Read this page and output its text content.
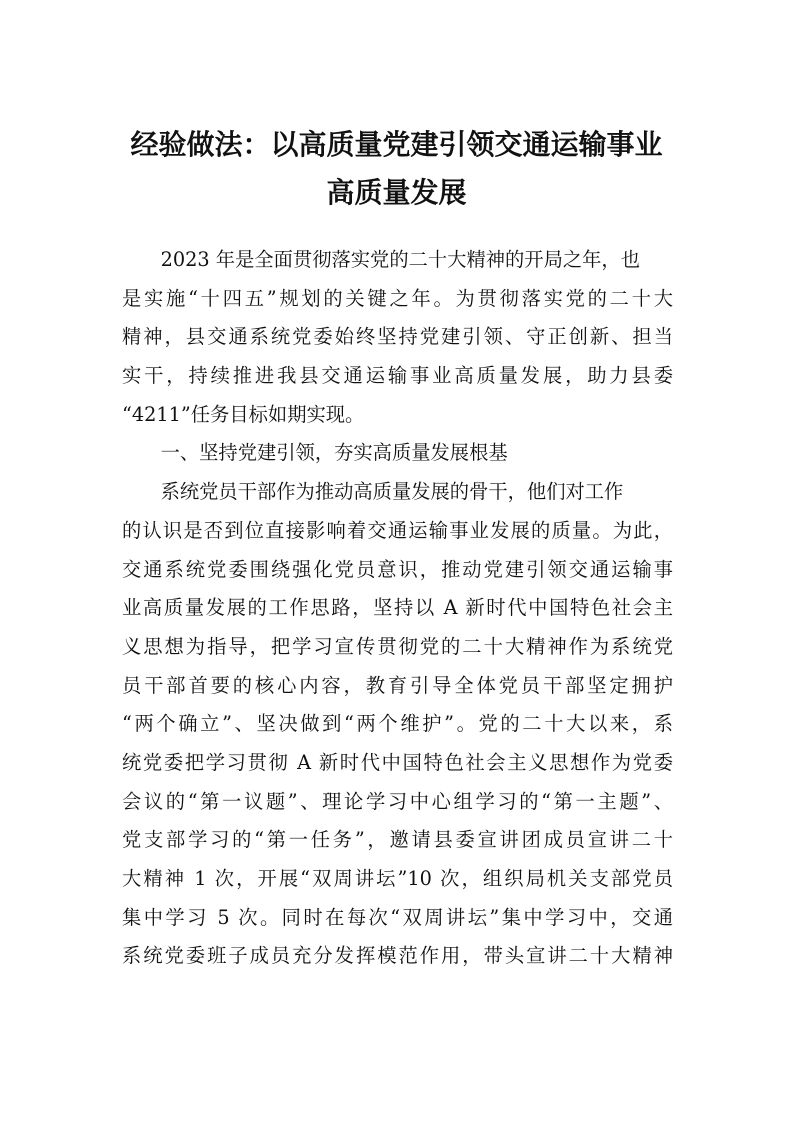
经验做法：以高质量党建引领交通运输事业
高质量发展
2023 年是全面贯彻落实党的二十大精神的开局之年，也
是实施“十四五”规划的关键之年。为贯彻落实党的二十大
精神，县交通系统党委始终坚持党建引领、守正创新、担当
实干，持续推进我县交通运输事业高质量发展，助力县委
“4211”任务目标如期实现。
一、坚持党建引领，夯实高质量发展根基
系统党员干部作为推动高质量发展的骨干，他们对工作
的认识是否到位直接影响着交通运输事业发展的质量。为此，
交通系统党委围绕强化党员意识，推动党建引领交通运输事
业高质量发展的工作思路，坚持以 A 新时代中国特色社会主
义思想为指导，把学习宣传贯彻党的二十大精神作为系统党
员干部首要的核心内容，教育引导全体党员干部坚定拥护
“两个确立”、坚决做到“两个维护”。党的二十大以来，系
统党委把学习贯彻 A 新时代中国特色社会主义思想作为党委
会议的“第一议题”、理论学习中心组学习的“第一主题”、
党支部学习的“第一任务”，邀请县委宣讲团成员宣讲二十
大精神 1 次，开展“双周讲坛”10 次，组织局机关支部党员
集中学习 5 次。同时在每次“双周讲坛”集中学习中，交通
系统党委班子成员充分发挥模范作用，带头宣讲二十大精神
